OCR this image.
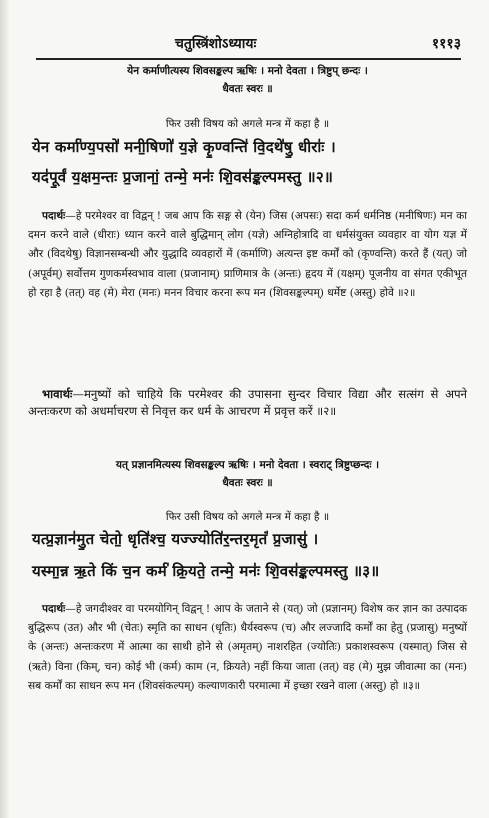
चतुस्त्रिंशोऽध्यायः	१११३
येन कर्माणीत्यस्य शिवसङ्कल्प ऋषिः । मनो देवता । त्रिष्टुप् छन्दः ।
धैवतः स्वरः ॥
फिर उसी विषय को अगले मन्त्र में कहा है ॥
येन कर्मा॑ण्य॒पसो॑ मनी॒षिणो॑ य॒ज्ञे कृ॒ण्वन्ति॑ वि॒दथे॑षु॒ धीराः॑ ।
यद॑पू॒र्वं य॒क्षम॒न्तः प्र॒जानां॒ तन्मे॒ मनः॑ शि॒वस॑ङ्कल्पमस्तु ॥२॥
पदार्थः—हे परमेश्वर वा विद्वन् ! जब आप कि सङ्ग से (येन) जिस (अपसः) सदा कर्म धर्मनिष्ठ (मनीषिणः) मन का दमन करने वाले (धीराः) ध्यान करने वाले बुद्धिमान् लोग (यज्ञे) अग्निहोत्रादि वा धर्मसंयुक्त व्यवहार वा योग यज्ञ में और (विदथेषु) विज्ञानसम्बन्धी और युद्धादि व्यवहारों में (कर्माणि) अत्यन्त इष्ट कर्मों को (कृण्वन्ति) करते हैं (यत्) जो (अपूर्वम्) सर्वोत्तम गुणकर्मस्वभाव वाला (प्रजानाम्) प्राणिमात्र के (अन्तः) हृदय में (यक्षम्) पूजनीय वा संगत एकीभूत हो रहा है (तत्) वह (मे) मेरा (मनः) मनन विचार करना रूप मन (शिवसङ्कल्पम्) धर्मेष्ट (अस्तु) होवे ॥२॥
भावार्थः—मनुष्यों को चाहिये कि परमेश्वर की उपासना सुन्दर विचार विद्या और सत्संग से अपने अन्तःकरण को अधर्माचरण से निवृत्त कर धर्म के आचरण में प्रवृत्त करें ॥२॥
यत् प्रज्ञानमित्यस्य शिवसङ्कल्प ऋषिः । मनो देवता । स्वराट् त्रिष्टुप्छन्दः ।
धैवतः स्वरः ॥
फिर उसी विषय को अगले मन्त्र में कहा है ॥
यत्प्र॒ज्ञान॑मु॒त चेतो॒ धृति॑श्च॒ यज्ज्योति॑र॒न्तर॒मृतं॑ प्र॒जासु॑ ।
यस्मा॒न्न ऋ॒ते किं च॒न कर्म॑ क्रि॒यते॒ तन्मे॒ मनः॑ शि॒वस॑ङ्कल्पमस्तु ॥३॥
पदार्थः—हे जगदीश्वर वा परमयोगिन् विद्वन् ! आप के जताने से (यत्) जो (प्रज्ञानम्) विशेष कर ज्ञान का उत्पादक बुद्धिरूप (उत) और भी (चेतः) स्मृति का साधन (धृतिः) धैर्यस्वरूप (च) और लज्जादि कर्मों का हेतु (प्रजासु) मनुष्यों के (अन्तः) अन्तःकरण में आत्मा का साथी होने से (अमृतम्) नाशरहित (ज्योतिः) प्रकाशस्वरूप (यस्मात्) जिस से (ऋते) विना (किम्, चन) कोई भी (कर्म) काम (न, क्रियते) नहीं किया जाता (तत्) वह (मे) मुझ जीवात्मा का (मनः) सब कर्मों का साधन रूप मन (शिवसंकल्पम्) कल्याणकारी परमात्मा में इच्छा रखने वाला (अस्तु) हो ॥३॥
